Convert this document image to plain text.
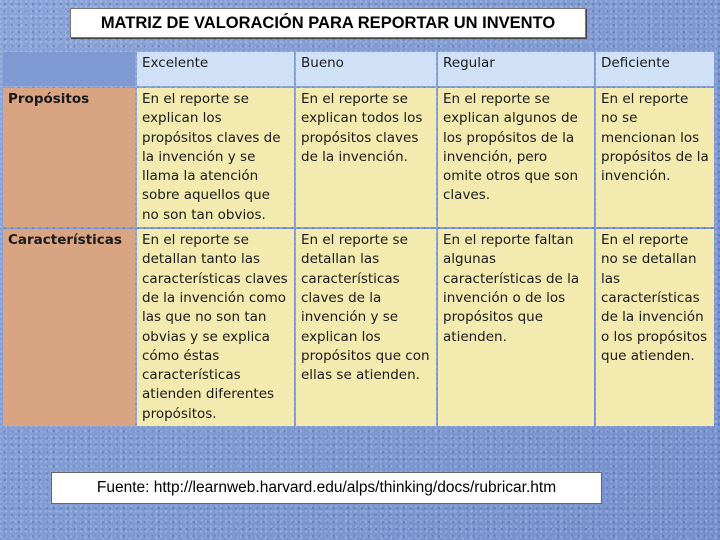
MATRIZ DE VALORACIÓN PARA REPORTAR UN INVENTO
	Excelente	Bueno	Regular	Deficiente
Propósitos	En el reporte se explican los propósitos claves de la invención y se llama la atención sobre aquellos que no son tan obvios.	En el reporte se explican todos los propósitos claves de la invención.	En el reporte se explican algunos de los propósitos de la invención, pero omite otros que son claves.	En el reporte no se mencionan los propósitos de la invención.
Características	En el reporte se detallan tanto las características claves de la invención como las que no son tan obvias y se explica cómo éstas características atienden diferentes propósitos.	En el reporte se detallan las características claves de la invención y se explican los propósitos que con ellas se atienden.	En el reporte faltan algunas características de la invención o de los propósitos que atienden.	En el reporte no se detallan las características de la invención o los propósitos que atienden.
Fuente: http://learnweb.harvard.edu/alps/thinking/docs/rubricar.htm
